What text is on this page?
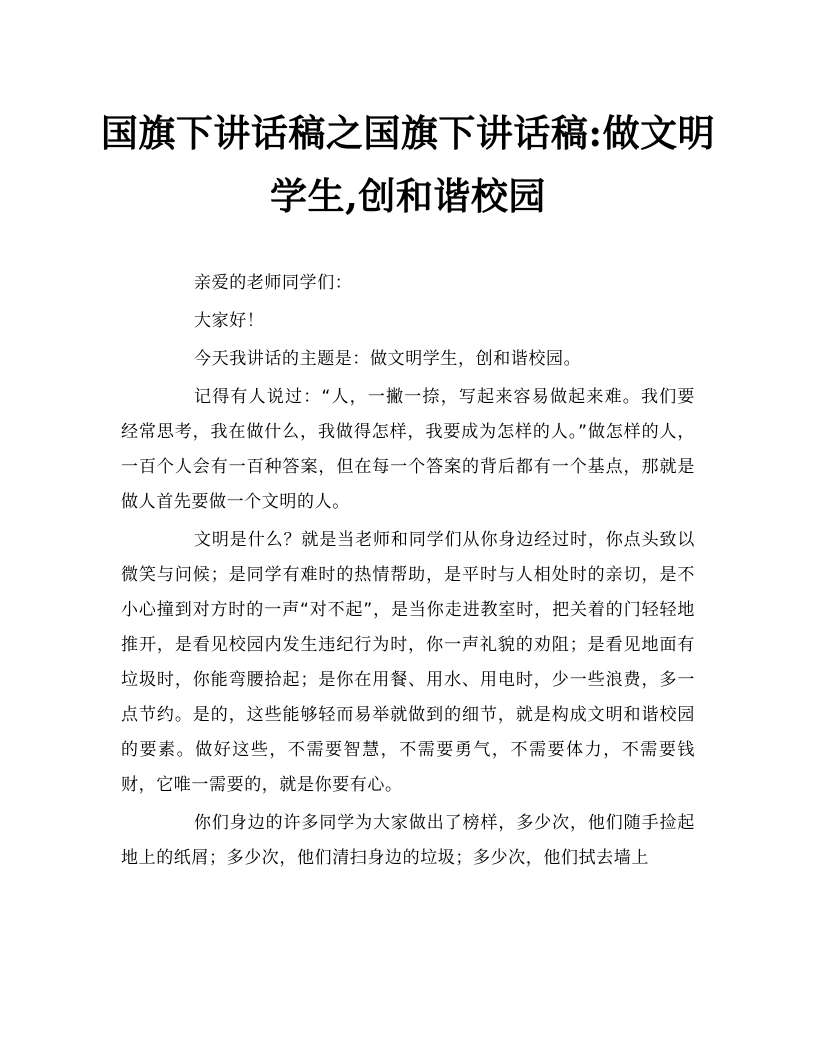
国旗下讲话稿之国旗下讲话稿:做文明
学生,创和谐校园

亲爱的老师同学们：

大家好！

今天我讲话的主题是：做文明学生，创和谐校园。

记得有人说过：“人，一撇一捺，写起来容易做起来难。我们要经常思考，我在做什么，我做得怎样，我要成为怎样的人。”做怎样的人，一百个人会有一百种答案，但在每一个答案的背后都有一个基点，那就是做人首先要做一个文明的人。

文明是什么？就是当老师和同学们从你身边经过时，你点头致以微笑与问候；是同学有难时的热情帮助，是平时与人相处时的亲切，是不小心撞到对方时的一声“对不起”，是当你走进教室时，把关着的门轻轻地推开，是看见校园内发生违纪行为时，你一声礼貌的劝阻；是看见地面有垃圾时，你能弯腰拾起；是你在用餐、用水、用电时，少一些浪费，多一点节约。是的，这些能够轻而易举就做到的细节，就是构成文明和谐校园的要素。做好这些，不需要智慧，不需要勇气，不需要体力，不需要钱财，它唯一需要的，就是你要有心。

你们身边的许多同学为大家做出了榜样，多少次，他们随手捡起地上的纸屑；多少次，他们清扫身边的垃圾；多少次，他们拭去墙上
